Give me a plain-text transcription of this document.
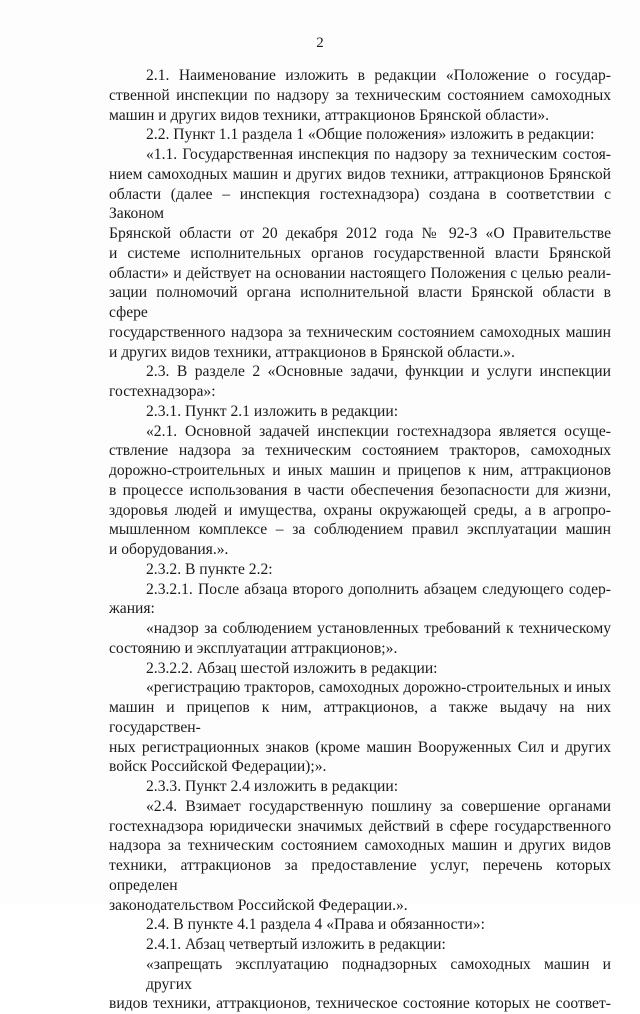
2
2.1. Наименование изложить в редакции «Положение о государ-
ственной инспекции по надзору за техническим состоянием самоходных
машин и других видов техники, аттракционов Брянской области».
2.2. Пункт 1.1 раздела 1 «Общие положения» изложить в редакции:
«1.1. Государственная инспекция по надзору за техническим состоя-
нием самоходных машин и других видов техники, аттракционов Брянской
области (далее – инспекция гостехнадзора) создана в соответствии с Законом
Брянской области от 20 декабря 2012 года № 92-З «О Правительстве
и системе исполнительных органов государственной власти Брянской
области» и действует на основании настоящего Положения с целью реали-
зации полномочий органа исполнительной власти Брянской области в сфере
государственного надзора за техническим состоянием самоходных машин
и других видов техники, аттракционов в Брянской области.».
2.3. В разделе 2 «Основные задачи, функции и услуги инспекции
гостехнадзора»:
2.3.1. Пункт 2.1 изложить в редакции:
«2.1. Основной задачей инспекции гостехнадзора является осуще-
ствление надзора за техническим состоянием тракторов, самоходных
дорожно-строительных и иных машин и прицепов к ним, аттракционов
в процессе использования в части обеспечения безопасности для жизни,
здоровья людей и имущества, охраны окружающей среды, а в агропро-
мышленном комплексе – за соблюдением правил эксплуатации машин
и оборудования.».
2.3.2. В пункте 2.2:
2.3.2.1. После абзаца второго дополнить абзацем следующего содер-
жания:
«надзор за соблюдением установленных требований к техническому
состоянию и эксплуатации аттракционов;».
2.3.2.2. Абзац шестой изложить в редакции:
«регистрацию тракторов, самоходных дорожно-строительных и иных
машин и прицепов к ним, аттракционов, а также выдачу на них государствен-
ных регистрационных знаков (кроме машин Вооруженных Сил и других
войск Российской Федерации);».
2.3.3. Пункт 2.4 изложить в редакции:
«2.4. Взимает государственную пошлину за совершение органами
гостехнадзора юридически значимых действий в сфере государственного
надзора за техническим состоянием самоходных машин и других видов
техники, аттракционов за предоставление услуг, перечень которых определен
законодательством Российской Федерации.».
2.4. В пункте 4.1 раздела 4 «Права и обязанности»:
2.4.1. Абзац четвертый изложить в редакции:
«запрещать эксплуатацию поднадзорных самоходных машин и других
видов техники, аттракционов, техническое состояние которых не соответ-
